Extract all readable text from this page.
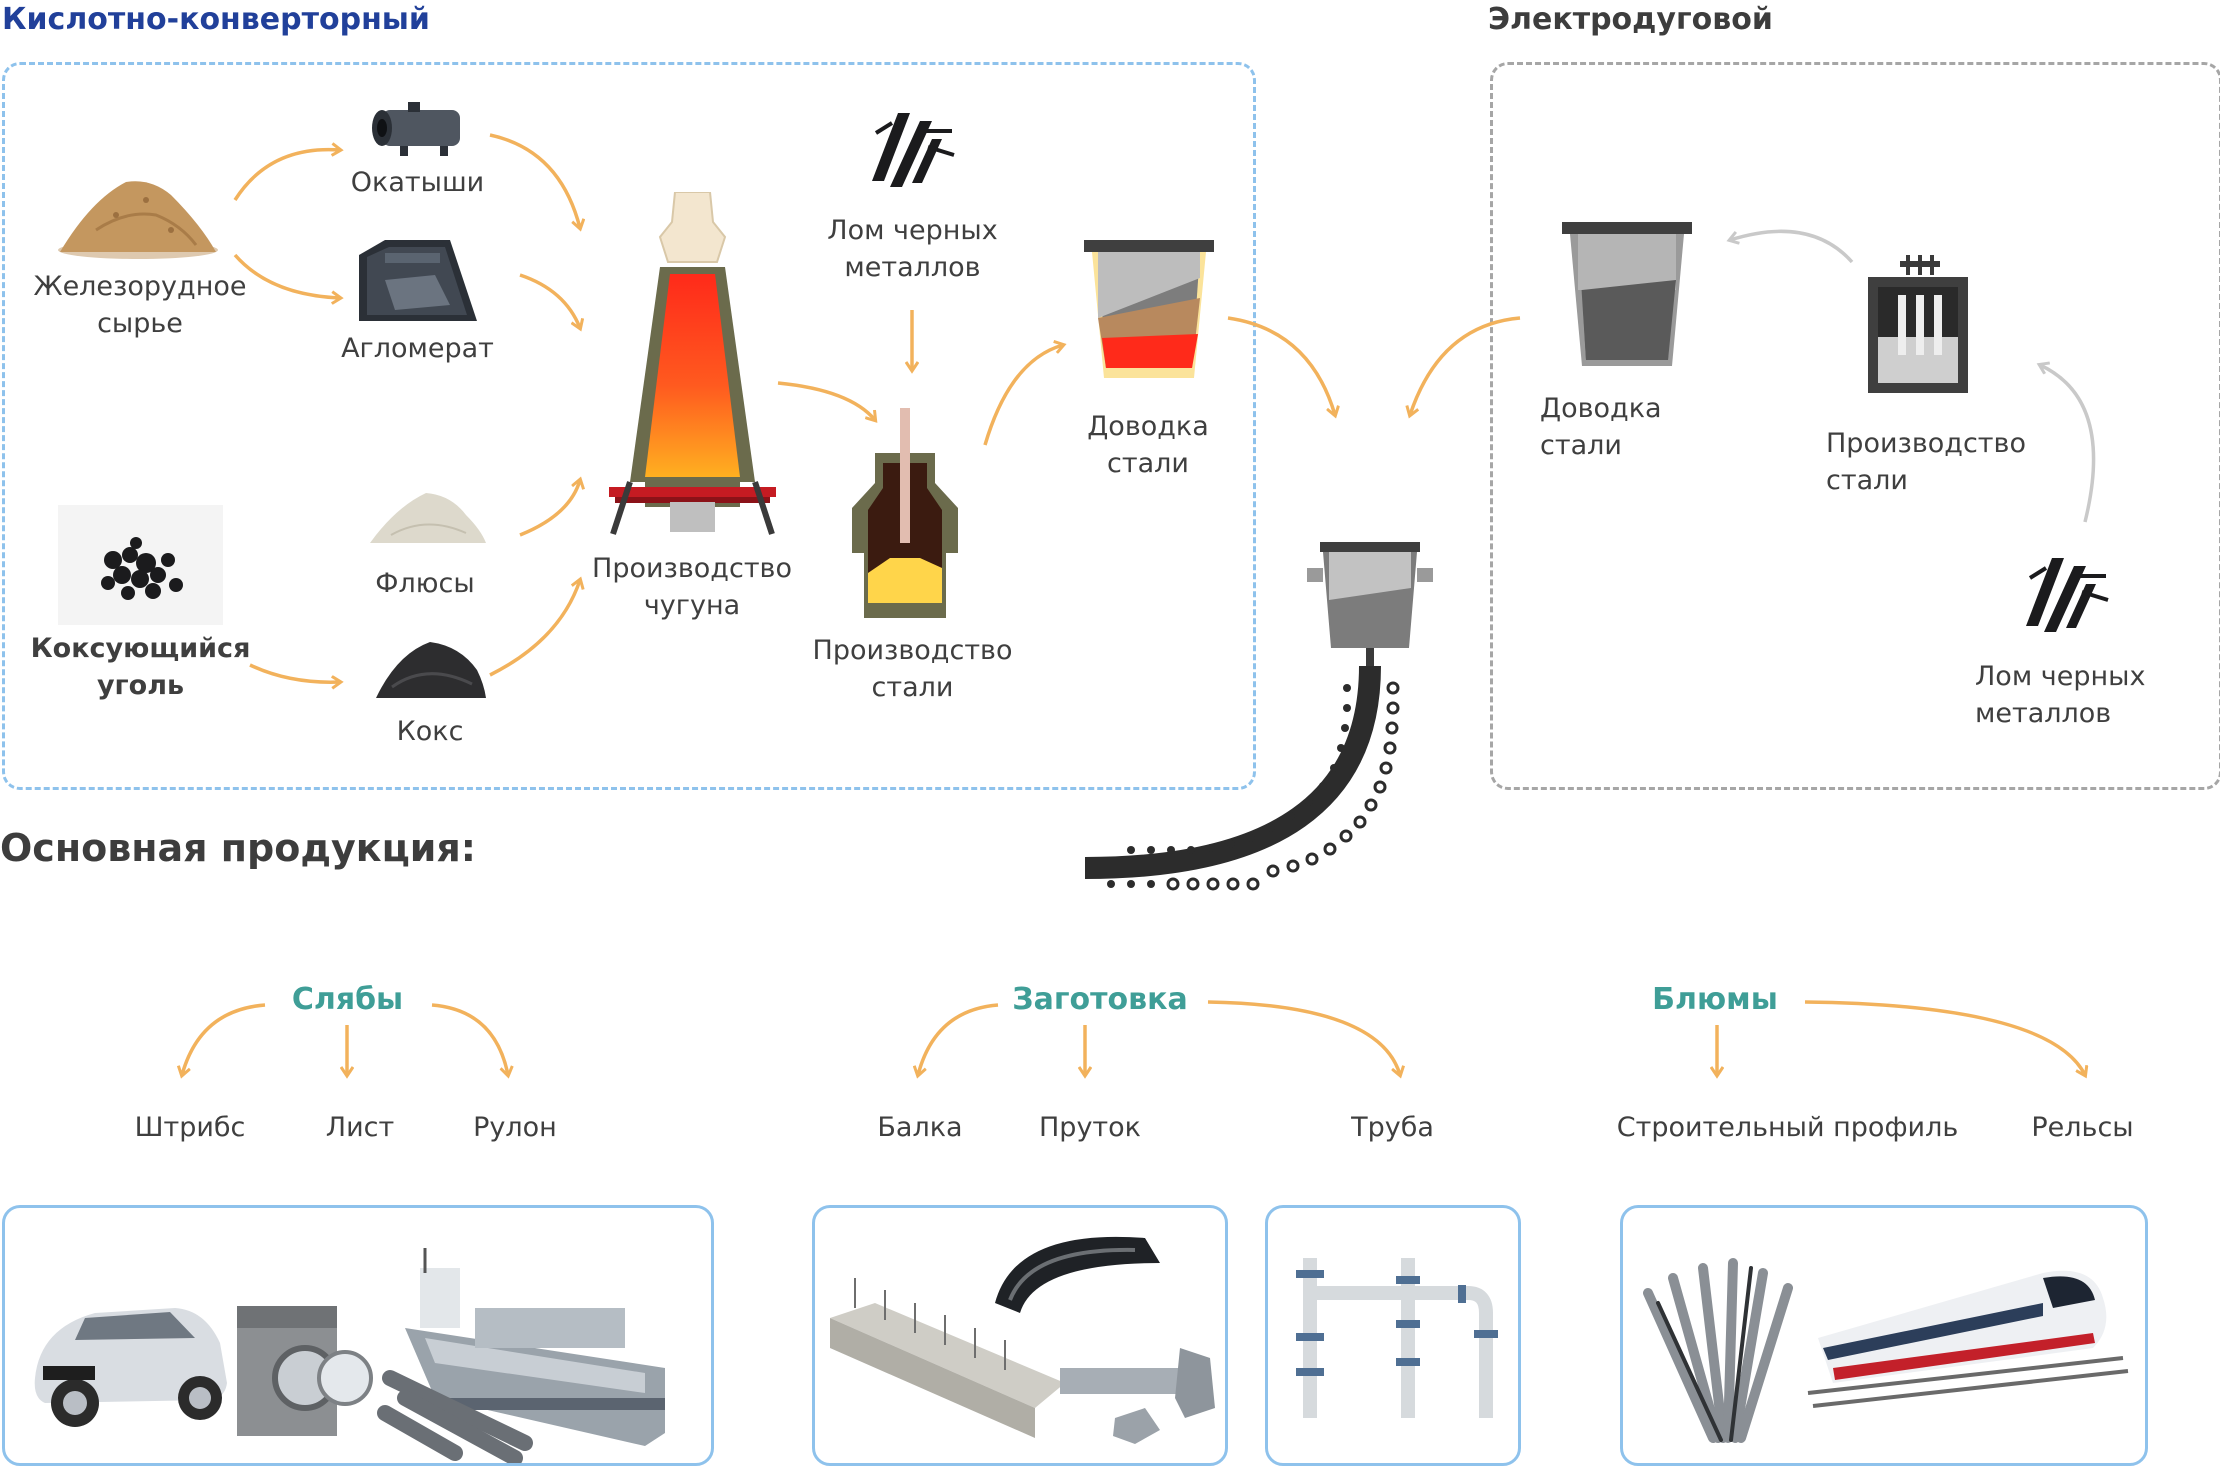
Кислотно-конверторный	Электродуговой
Железорудное
сырье
Окатыши
Агломерат
Коксующийся
уголь
Флюсы
Кокс
Производство
чугуна
Лом черных
металлов
Производство
стали
Доводка
стали
Доводка
стали	Производство
стали
Лом черных
металлов
Основная продукция:
Слябы	Заготовка	Блюмы
Штрибс	Лист	Рулон	Балка	Пруток	Труба	Строительный профиль	Рельсы
